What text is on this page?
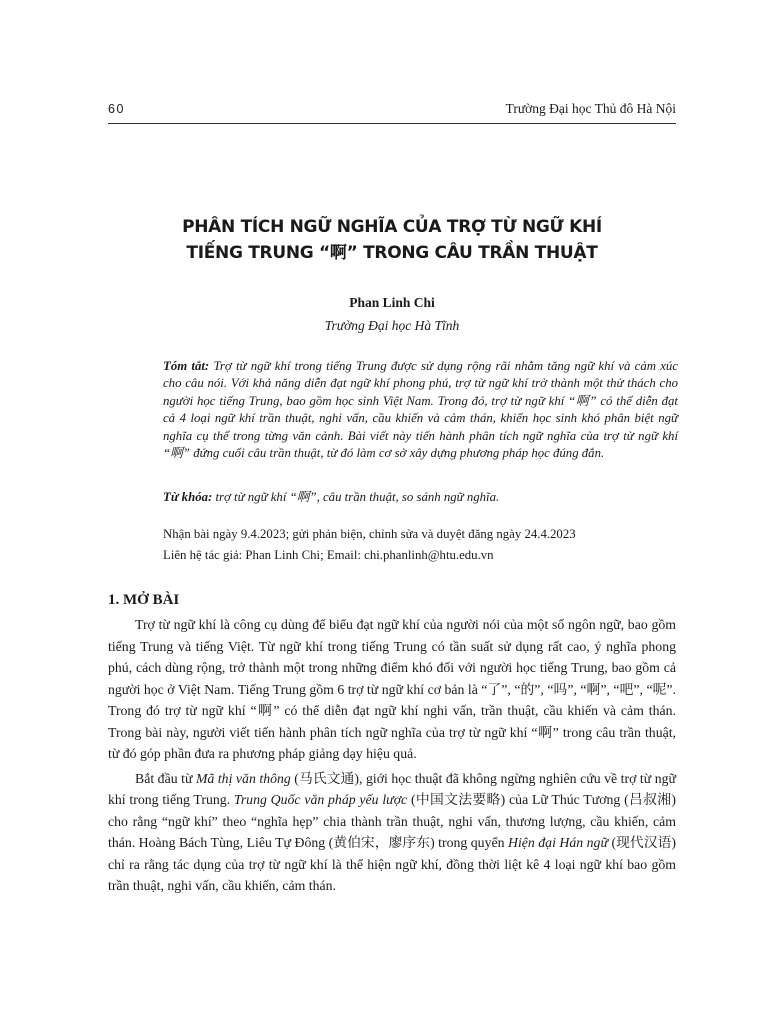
60	Trường Đại học Thủ đô Hà Nội
PHÂN TÍCH NGỮ NGHĨA CỦA TRỢ TỪ NGỮ KHÍ
TIẾNG TRUNG “啊” TRONG CÂU TRẦN THUẬT
Phan Linh Chi
Trường Đại học Hà Tĩnh
Tóm tắt: Trợ từ ngữ khí trong tiếng Trung được sử dụng rộng rãi nhằm tăng ngữ khí và cảm xúc cho câu nói. Với khả năng diễn đạt ngữ khí phong phú, trợ từ ngữ khí trở thành một thử thách cho người học tiếng Trung, bao gồm học sinh Việt Nam. Trong đó, trợ từ ngữ khí “啊” có thể diễn đạt cả 4 loại ngữ khí trần thuật, nghi vấn, cầu khiến và cảm thán, khiến học sinh khó phân biệt ngữ nghĩa cụ thể trong từng văn cảnh. Bài viết này tiến hành phân tích ngữ nghĩa của trợ từ ngữ khí “啊” đứng cuối câu trần thuật, từ đó làm cơ sở xây dựng phương pháp học đúng đắn.
Từ khóa: trợ từ ngữ khí “啊”, câu trần thuật, so sánh ngữ nghĩa.
Nhận bài ngày 9.4.2023; gửi phản biện, chỉnh sửa và duyệt đăng ngày 24.4.2023
Liên hệ tác giả: Phan Linh Chi; Email: chi.phanlinh@htu.edu.vn
1. MỞ BÀI

Trợ từ ngữ khí là công cụ dùng để biểu đạt ngữ khí của người nói của một số ngôn ngữ, bao gồm tiếng Trung và tiếng Việt. Từ ngữ khí trong tiếng Trung có tần suất sử dụng rất cao, ý nghĩa phong phú, cách dùng rộng, trở thành một trong những điểm khó đối với người học tiếng Trung, bao gồm cả người học ở Việt Nam. Tiếng Trung gồm 6 trợ từ ngữ khí cơ bản là “了”, “的”, “吗”, “啊”, “吧”, “呢”. Trong đó trợ từ ngữ khí “啊” có thể diễn đạt ngữ khí nghi vấn, trần thuật, cầu khiến và cảm thán. Trong bài này, người viết tiến hành phân tích ngữ nghĩa của trợ từ ngữ khí “啊” trong câu trần thuật, từ đó góp phần đưa ra phương pháp giảng dạy hiệu quả.

Bắt đầu từ Mã thị văn thông (马氏文通), giới học thuật đã không ngừng nghiên cứu về trợ từ ngữ khí trong tiếng Trung. Trung Quốc văn pháp yếu lược (中国文法要略) của Lữ Thúc Tương (吕叔湘) cho rằng “ngữ khí” theo “nghĩa hẹp” chia thành trần thuật, nghi vấn, thương lượng, cầu khiến, cảm thán. Hoàng Bách Tùng, Liêu Tự Đông (黄伯宋，廖序东) trong quyển Hiện đại Hán ngữ (现代汉语) chỉ ra rằng tác dụng của trợ từ ngữ khí là thể hiện ngữ khí, đồng thời liệt kê 4 loại ngữ khí bao gồm trần thuật, nghi vấn, cầu khiến, cảm thán.
